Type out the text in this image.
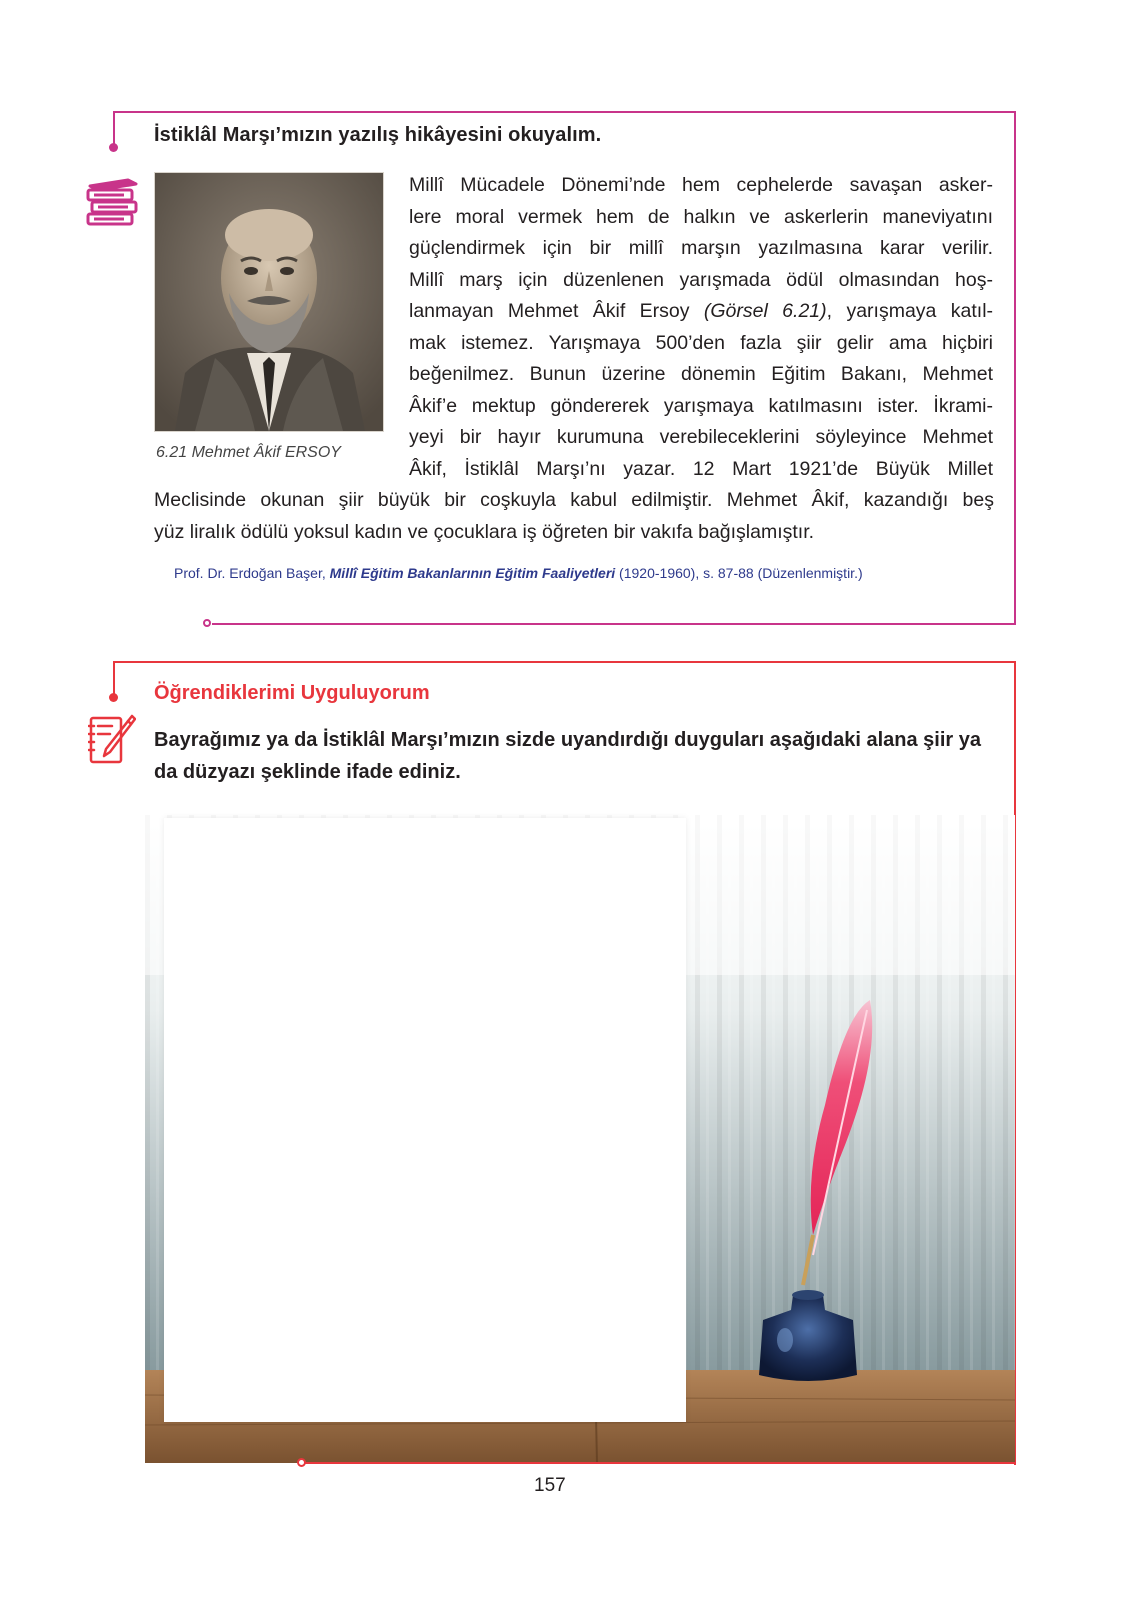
İstiklâl Marşı’mızın yazılış hikâyesini okuyalım.
6.21 Mehmet Âkif ERSOY
Millî Mücadele Dönemi’nde hem cephelerde savaşan asker-
lere moral vermek hem de halkın ve askerlerin maneviyatını
güçlendirmek için bir millî marşın yazılmasına karar verilir.
Millî marş için düzenlenen yarışmada ödül olmasından hoş-
lanmayan Mehmet Âkif Ersoy (Görsel 6.21), yarışmaya katıl-
mak istemez. Yarışmaya 500’den fazla şiir gelir ama hiçbiri
beğenilmez. Bunun üzerine dönemin Eğitim Bakanı, Mehmet
Âkif’e mektup göndererek yarışmaya katılmasını ister. İkrami-
yeyi bir hayır kurumuna verebileceklerini söyleyince Mehmet
Âkif, İstiklâl Marşı’nı yazar. 12 Mart 1921’de Büyük Millet
Meclisinde okunan şiir büyük bir coşkuyla kabul edilmiştir. Mehmet Âkif, kazandığı beş
yüz liralık ödülü yoksul kadın ve çocuklara iş öğreten bir vakıfa bağışlamıştır.
Prof. Dr. Erdoğan Başer, Millî Eğitim Bakanlarının Eğitim Faaliyetleri (1920-1960), s. 87-88 (Düzenlenmiştir.)
Öğrendiklerimi Uyguluyorum
Bayrağımız ya da İstiklâl Marşı’mızın sizde uyandırdığı duyguları aşağıdaki alana şiir ya da düzyazı şeklinde ifade ediniz.
157
